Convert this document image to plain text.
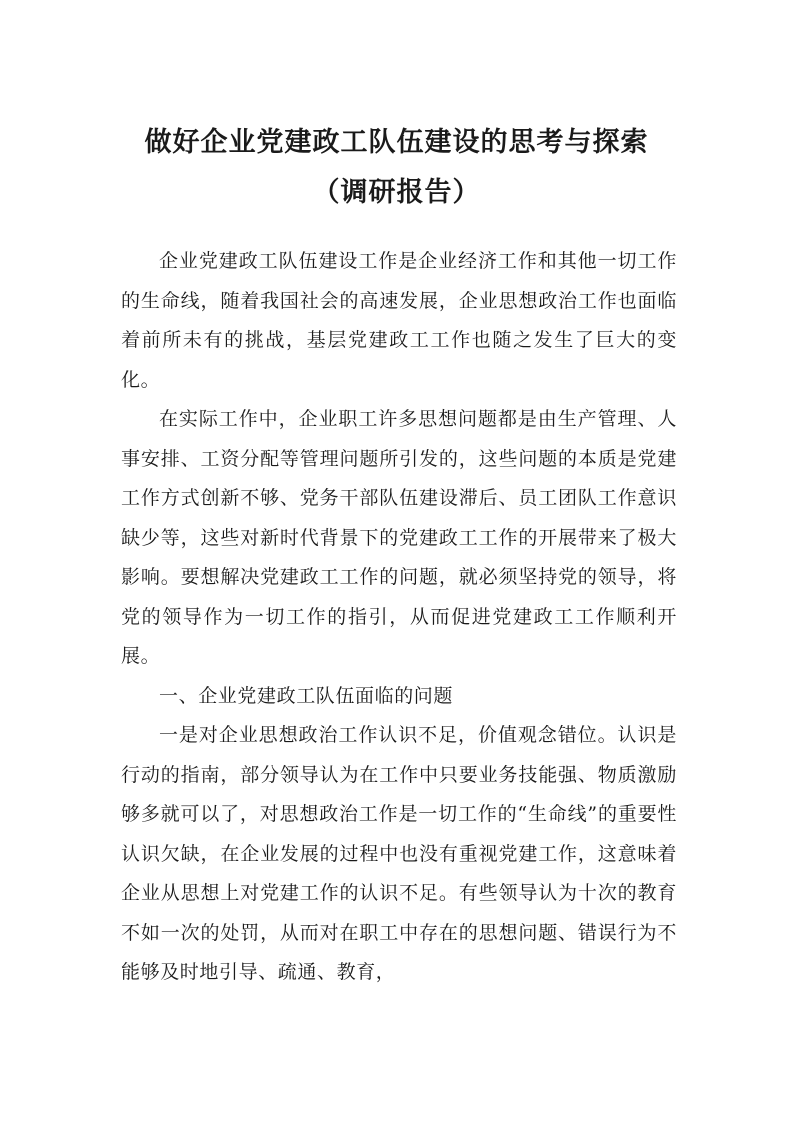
做好企业党建政工队伍建设的思考与探索
（调研报告）

企业党建政工队伍建设工作是企业经济工作和其他一切工作的生命线，随着我国社会的高速发展，企业思想政治工作也面临着前所未有的挑战，基层党建政工工作也随之发生了巨大的变化。

在实际工作中，企业职工许多思想问题都是由生产管理、人事安排、工资分配等管理问题所引发的，这些问题的本质是党建工作方式创新不够、党务干部队伍建设滞后、员工团队工作意识缺少等，这些对新时代背景下的党建政工工作的开展带来了极大影响。要想解决党建政工工作的问题，就必须坚持党的领导，将党的领导作为一切工作的指引，从而促进党建政工工作顺利开展。

一、企业党建政工队伍面临的问题

一是对企业思想政治工作认识不足，价值观念错位。认识是行动的指南，部分领导认为在工作中只要业务技能强、物质激励够多就可以了，对思想政治工作是一切工作的“生命线”的重要性认识欠缺，在企业发展的过程中也没有重视党建工作，这意味着企业从思想上对党建工作的认识不足。有些领导认为十次的教育不如一次的处罚，从而对在职工中存在的思想问题、错误行为不能够及时地引导、疏通、教育，
